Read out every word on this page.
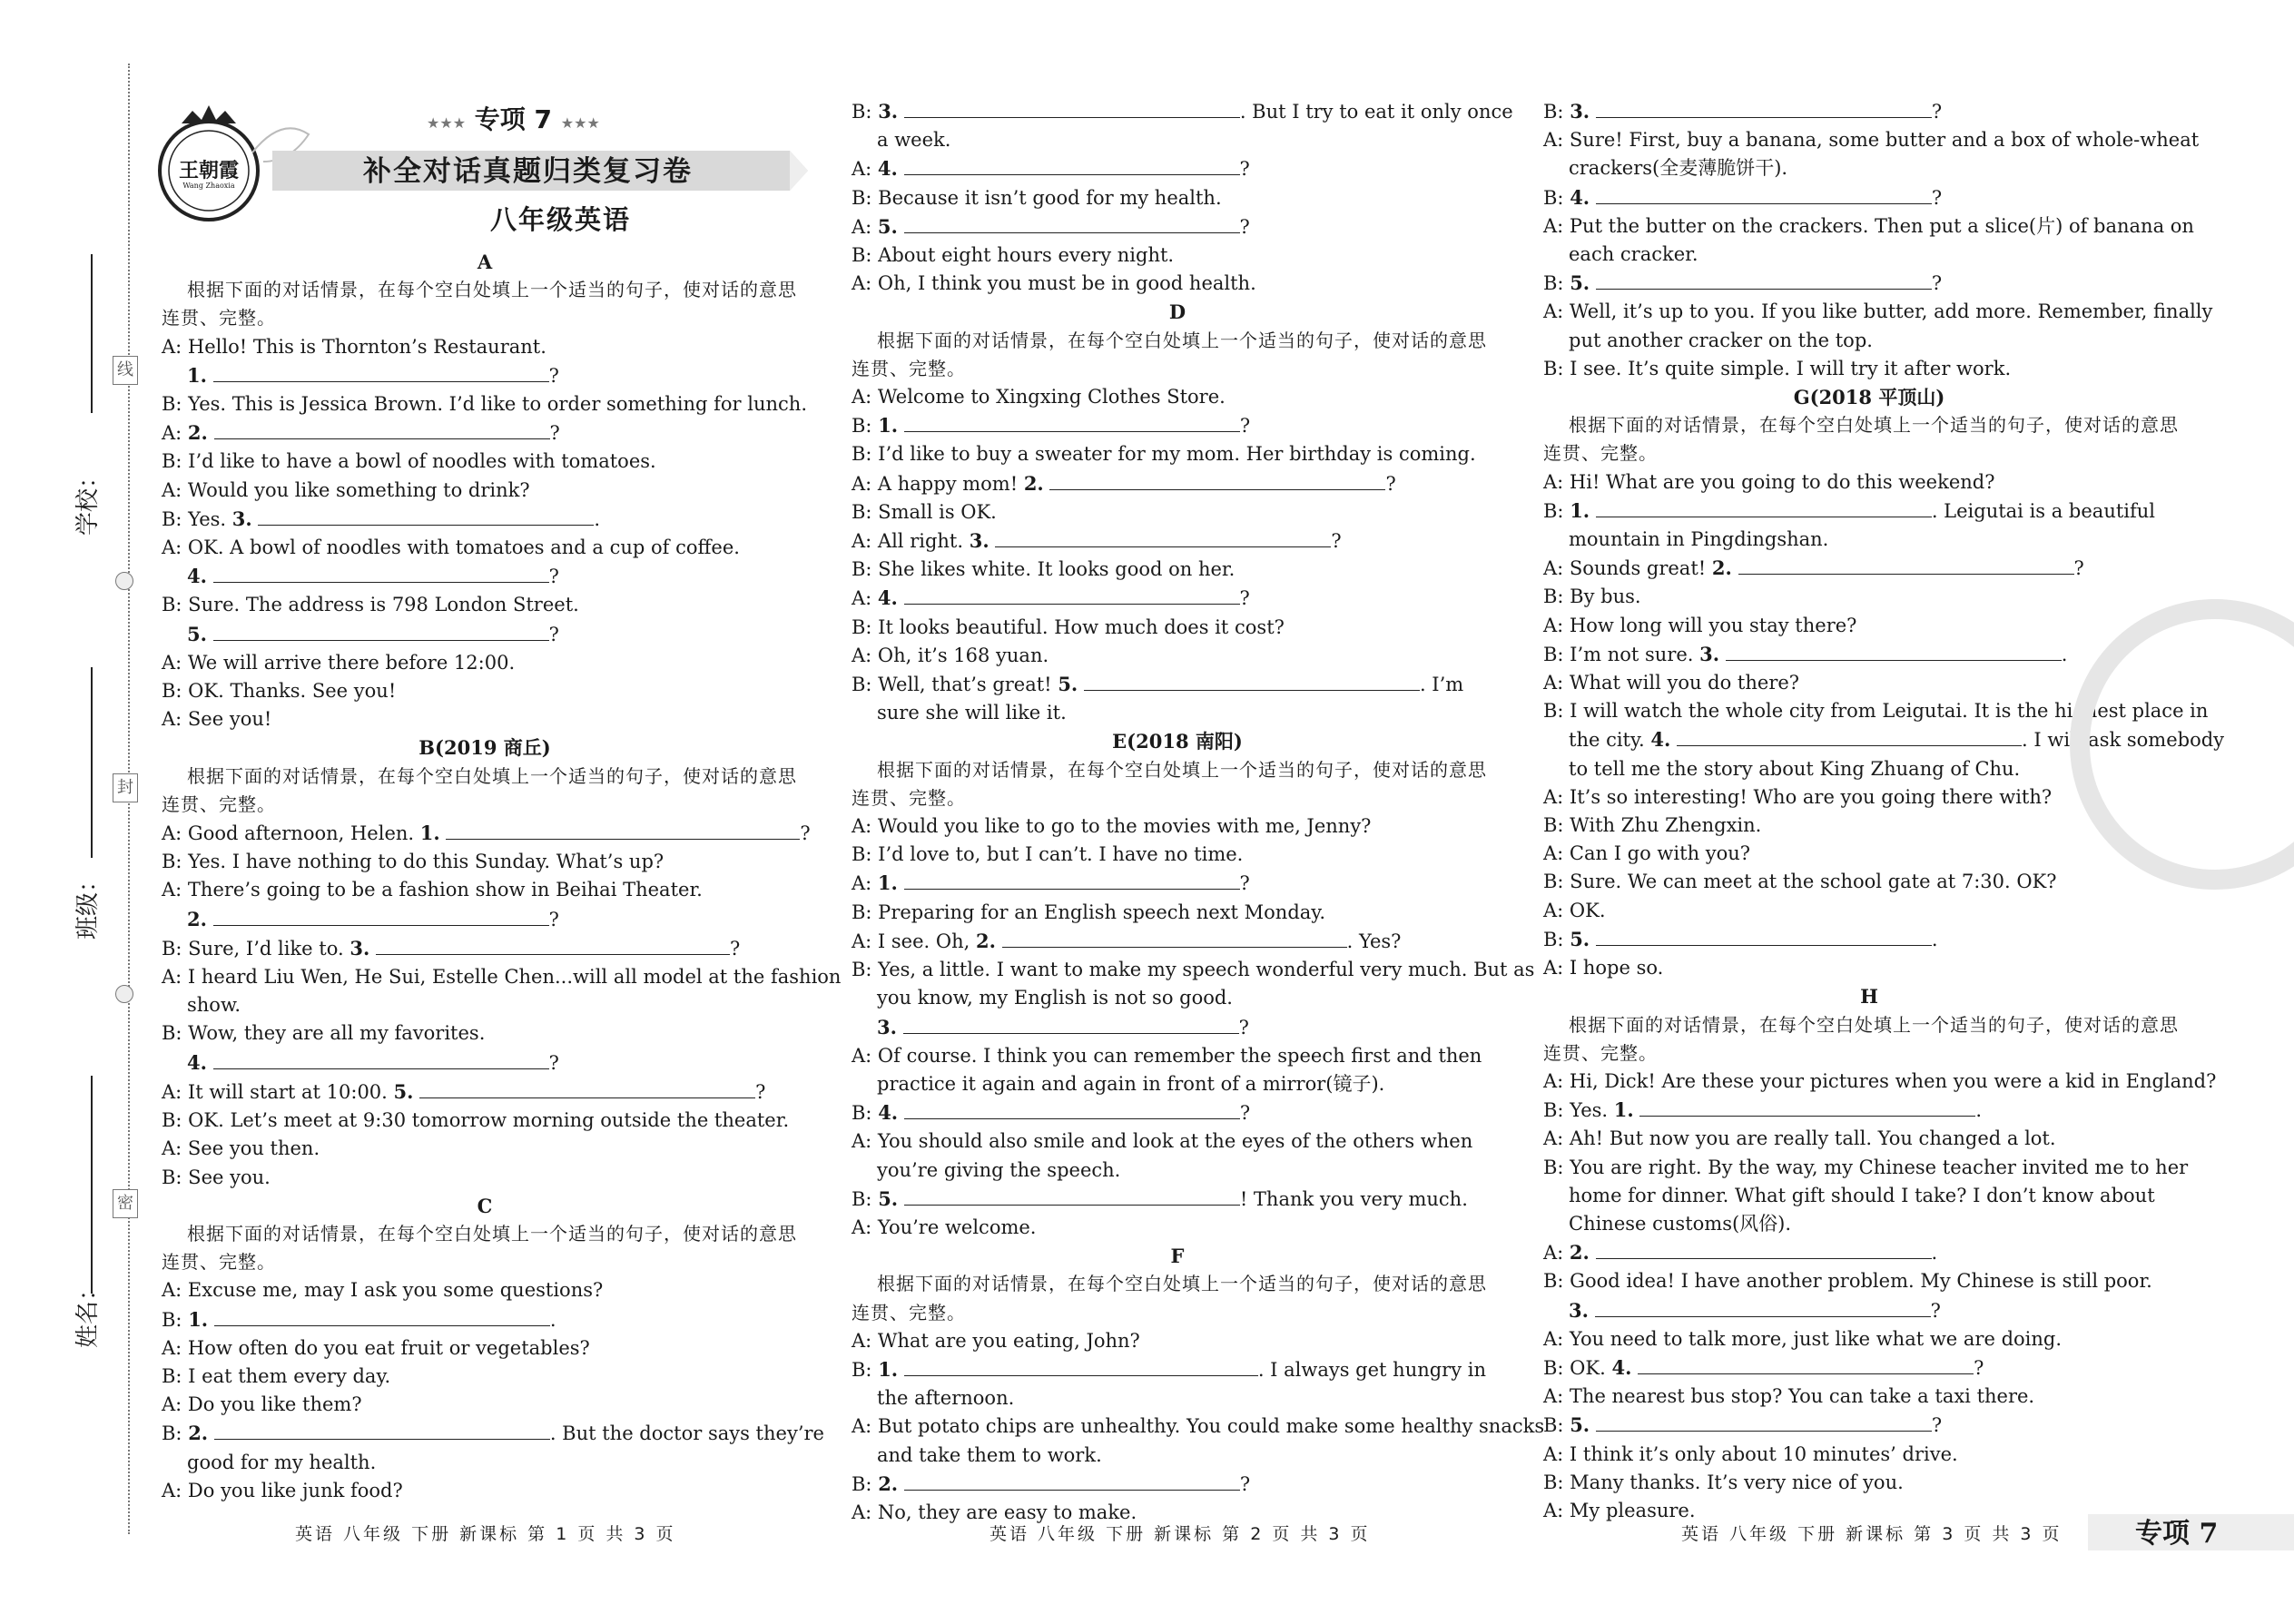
学校：
班级：
姓名：
线
封
密
王朝霞
Wang Zhaoxia
★★★ 专项 7 ★★★
补全对话真题归类复习卷
八年级英语

A

根据下面的对话情景，在每个空白处填上一个适当的句子，使对话的意思连贯、完整。

A: Hello! This is Thornton’s Restaurant.

1.	?

B: Yes. This is Jessica Brown. I’d like to order something for lunch.

A: 2.	?

B: I’d like to have a bowl of noodles with tomatoes.

A: Would you like something to drink?

B: Yes. 3.	.

A: OK. A bowl of noodles with tomatoes and a cup of coffee.

4.	?

B: Sure. The address is 798 London Street.

5.	?

A: We will arrive there before 12:00.

B: OK. Thanks. See you!

A: See you!

B(2019 商丘)

根据下面的对话情景，在每个空白处填上一个适当的句子，使对话的意思连贯、完整。

A: Good afternoon, Helen. 1.	?

B: Yes. I have nothing to do this Sunday. What’s up?

A: There’s going to be a fashion show in Beihai Theater.

2.	?

B: Sure, I’d like to. 3.	?

A: I heard Liu Wen, He Sui, Estelle Chen...will all model at the fashion

show.

B: Wow, they are all my favorites.

4.	?

A: It will start at 10:00. 5.	?

B: OK. Let’s meet at 9:30 tomorrow morning outside the theater.

A: See you then.

B: See you.

C

根据下面的对话情景，在每个空白处填上一个适当的句子，使对话的意思连贯、完整。

A: Excuse me, may I ask you some questions?

B: 1.	.

A: How often do you eat fruit or vegetables?

B: I eat them every day.

A: Do you like them?

B: 2.	. But the doctor says they’re

good for my health.

A: Do you like junk food?

B: 3.	. But I try to eat it only once

a week.

A: 4.	?

B: Because it isn’t good for my health.

A: 5.	?

B: About eight hours every night.

A: Oh, I think you must be in good health.

D

根据下面的对话情景，在每个空白处填上一个适当的句子，使对话的意思连贯、完整。

A: Welcome to Xingxing Clothes Store.

B: 1.	?

B: I’d like to buy a sweater for my mom. Her birthday is coming.

A: A happy mom! 2.	?

B: Small is OK.

A: All right. 3.	?

B: She likes white. It looks good on her.

A: 4.	?

B: It looks beautiful. How much does it cost?

A: Oh, it’s 168 yuan.

B: Well, that’s great! 5.	. I’m

sure she will like it.

E(2018 南阳)

根据下面的对话情景，在每个空白处填上一个适当的句子，使对话的意思连贯、完整。

A: Would you like to go to the movies with me, Jenny?

B: I’d love to, but I can’t. I have no time.

A: 1.	?

B: Preparing for an English speech next Monday.

A: I see. Oh, 2.	. Yes?

B: Yes, a little. I want to make my speech wonderful very much. But as

you know, my English is not so good.

3.	?

A: Of course. I think you can remember the speech first and then

practice it again and again in front of a mirror(镜子).

B: 4.	?

A: You should also smile and look at the eyes of the others when

you’re giving the speech.

B: 5.	! Thank you very much.

A: You’re welcome.

F

根据下面的对话情景，在每个空白处填上一个适当的句子，使对话的意思连贯、完整。

A: What are you eating, John?

B: 1.	. I always get hungry in

the afternoon.

A: But potato chips are unhealthy. You could make some healthy snacks

and take them to work.

B: 2.	?

A: No, they are easy to make.

B: 3.	?

A: Sure! First, buy a banana, some butter and a box of whole-wheat

crackers(全麦薄脆饼干).

B: 4.	?

A: Put the butter on the crackers. Then put a slice(片) of banana on

each cracker.

B: 5.	?

A: Well, it’s up to you. If you like butter, add more. Remember, finally

put another cracker on the top.

B: I see. It’s quite simple. I will try it after work.

G(2018 平顶山)

根据下面的对话情景，在每个空白处填上一个适当的句子，使对话的意思连贯、完整。

A: Hi! What are you going to do this weekend?

B: 1.	. Leigutai is a beautiful

mountain in Pingdingshan.

A: Sounds great! 2.	?

B: By bus.

A: How long will you stay there?

B: I’m not sure. 3.	.

A: What will you do there?

B: I will watch the whole city from Leigutai. It is the highest place in

the city. 4.	. I will ask somebody

to tell me the story about King Zhuang of Chu.

A: It’s so interesting! Who are you going there with?

B: With Zhu Zhengxin.

A: Can I go with you?

B: Sure. We can meet at the school gate at 7:30. OK?

A: OK.

B: 5.	.

A: I hope so.

H

根据下面的对话情景，在每个空白处填上一个适当的句子，使对话的意思连贯、完整。

A: Hi, Dick! Are these your pictures when you were a kid in England?

B: Yes. 1.	.

A: Ah! But now you are really tall. You changed a lot.

B: You are right. By the way, my Chinese teacher invited me to her

home for dinner. What gift should I take? I don’t know about

Chinese customs(风俗).

A: 2.	.

B: Good idea! I have another problem. My Chinese is still poor.

3.	?

A: You need to talk more, just like what we are doing.

B: OK. 4.	?

A: The nearest bus stop? You can take a taxi there.

B: 5.	?

A: I think it’s only about 10 minutes’ drive.

B: Many thanks. It’s very nice of you.

A: My pleasure.

英语 八年级 下册 新课标 第 1 页 共 3 页	英语 八年级 下册 新课标 第 2 页 共 3 页	英语 八年级 下册 新课标 第 3 页 共 3 页	专项 7
